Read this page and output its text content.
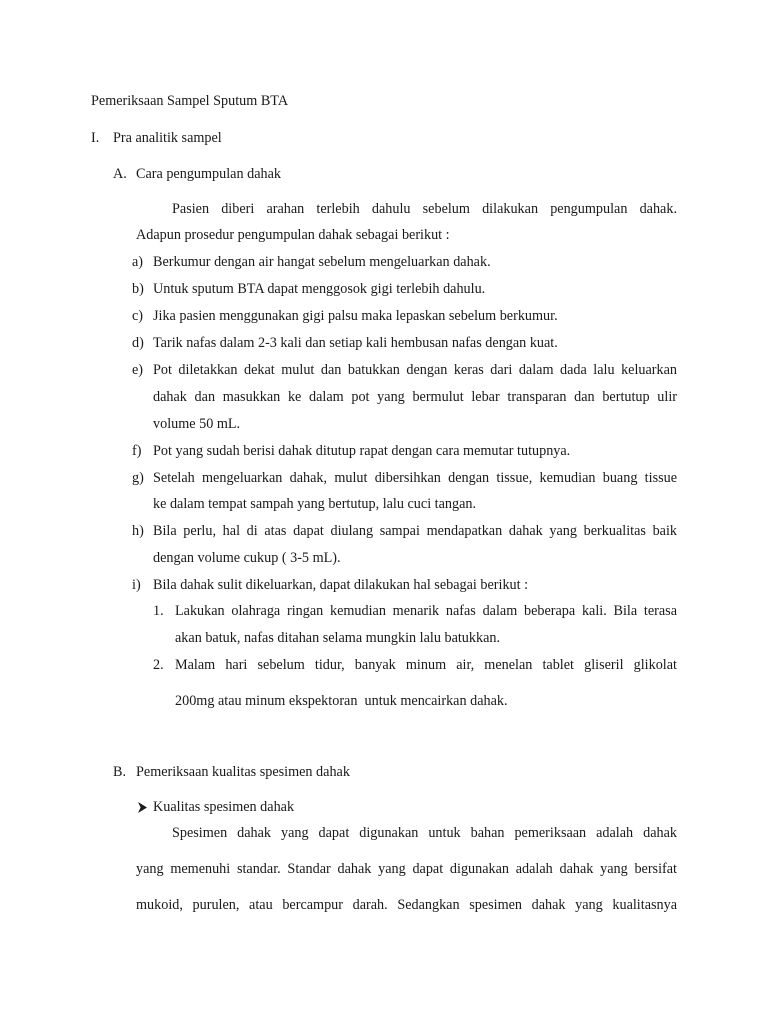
Pemeriksaan Sampel Sputum BTA
I. Pra analitik sampel
A. Cara pengumpulan dahak
Pasien diberi arahan terlebih dahulu sebelum dilakukan pengumpulan dahak.
Adapun prosedur pengumpulan dahak sebagai berikut :
a) Berkumur dengan air hangat sebelum mengeluarkan dahak.
b) Untuk sputum BTA dapat menggosok gigi terlebih dahulu.
c) Jika pasien menggunakan gigi palsu maka lepaskan sebelum berkumur.
d) Tarik nafas dalam 2-3 kali dan setiap kali hembusan nafas dengan kuat.
e) Pot diletakkan dekat mulut dan batukkan dengan keras dari dalam dada lalu keluarkan
dahak dan masukkan ke dalam pot yang bermulut lebar transparan dan bertutup ulir
volume 50 mL.
f) Pot yang sudah berisi dahak ditutup rapat dengan cara memutar tutupnya.
g) Setelah mengeluarkan dahak, mulut dibersihkan dengan tissue, kemudian buang tissue
ke dalam tempat sampah yang bertutup, lalu cuci tangan.
h) Bila perlu, hal di atas dapat diulang sampai mendapatkan dahak yang berkualitas baik
dengan volume cukup ( 3-5 mL).
i) Bila dahak sulit dikeluarkan, dapat dilakukan hal sebagai berikut :
1. Lakukan olahraga ringan kemudian menarik nafas dalam beberapa kali. Bila terasa
akan batuk, nafas ditahan selama mungkin lalu batukkan.
2. Malam hari sebelum tidur, banyak minum air, menelan tablet gliseril glikolat
200mg atau minum ekspektoran  untuk mencairkan dahak.
B. Pemeriksaan kualitas spesimen dahak
Kualitas spesimen dahak
Spesimen dahak yang dapat digunakan untuk bahan pemeriksaan adalah dahak
yang memenuhi standar. Standar dahak yang dapat digunakan adalah dahak yang bersifat
mukoid, purulen, atau bercampur darah. Sedangkan spesimen dahak yang kualitasnya
